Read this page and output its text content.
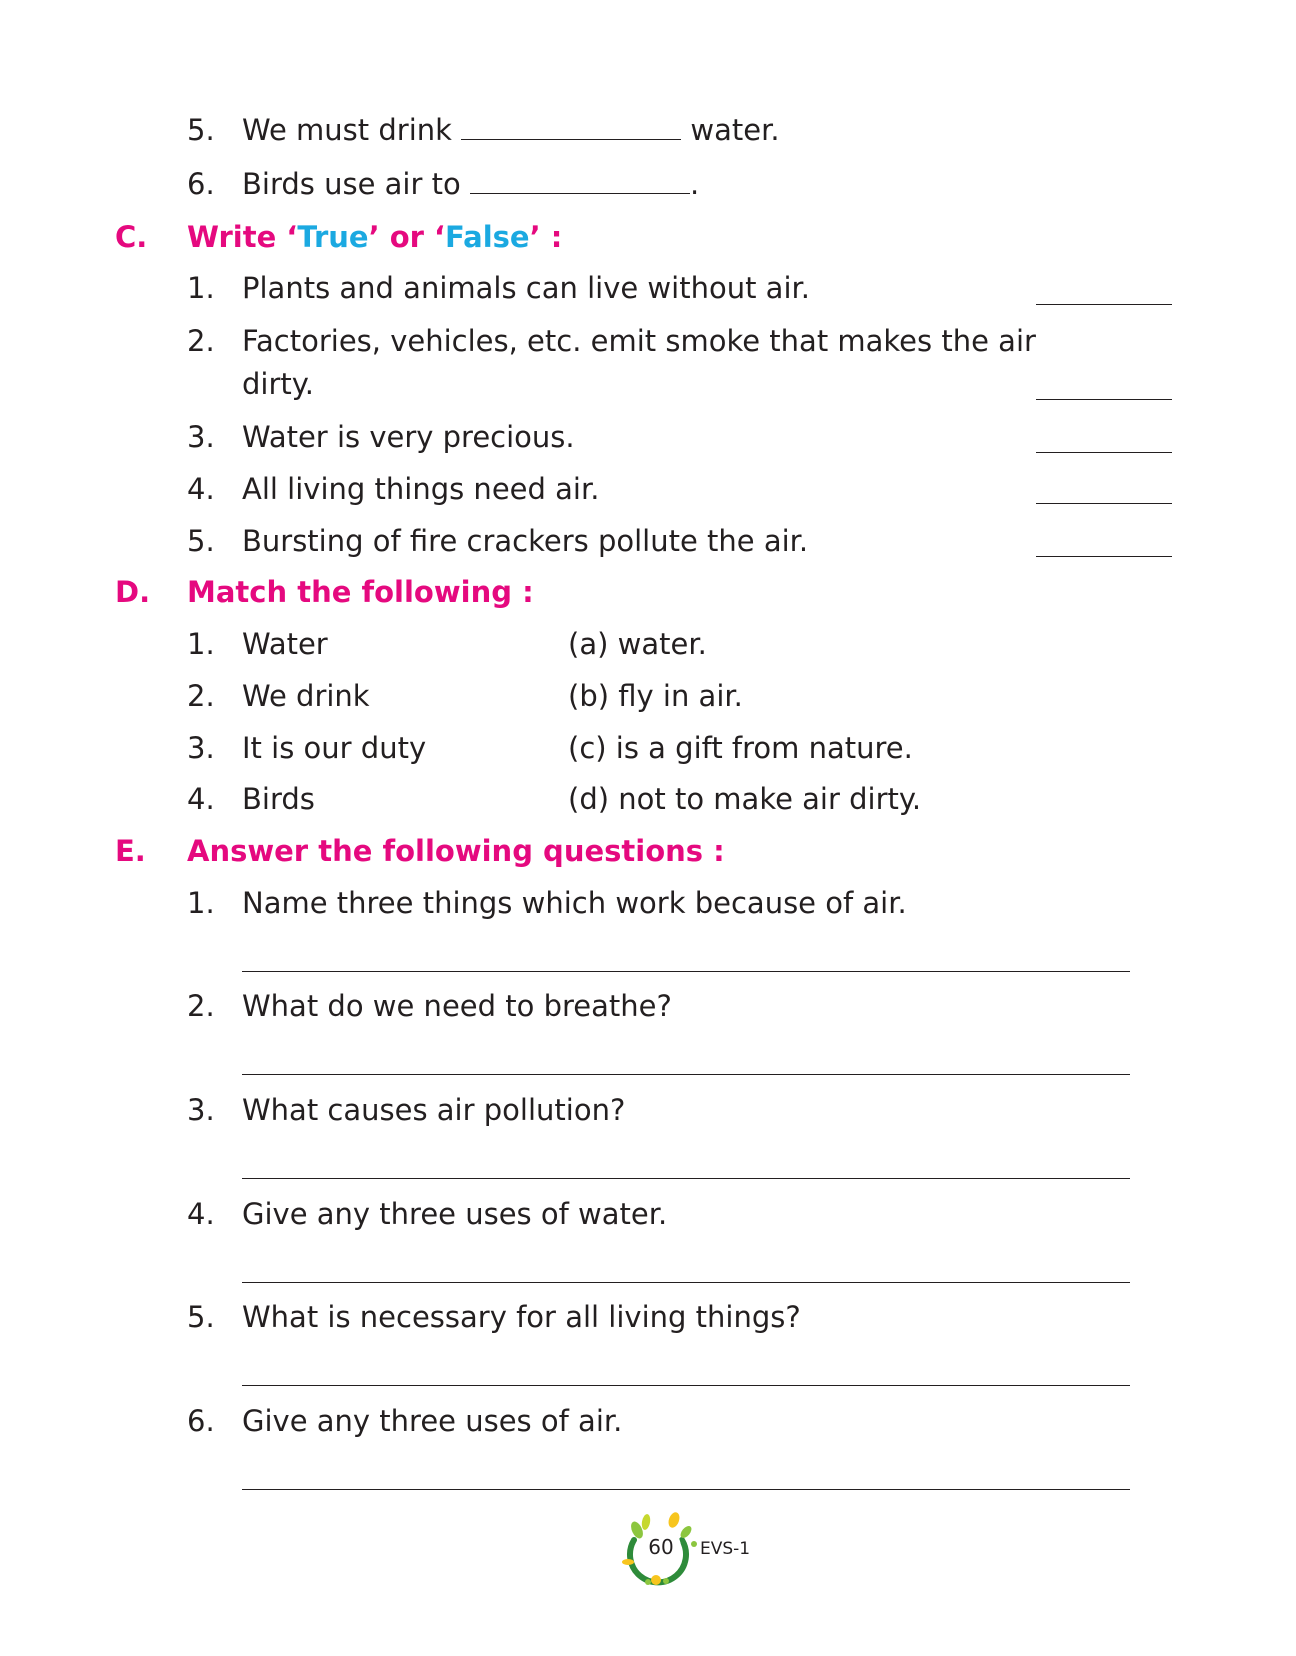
5. We must drink	water.
6. Birds use air to	.
C. Write ‘True’ or ‘False’ :
1. Plants and animals can live without air.
2. Factories, vehicles, etc. emit smoke that makes the air
dirty.
3. Water is very precious.
4. All living things need air.
5. Bursting of fire crackers pollute the air.
D. Match the following :
1. Water	(a) water.
2. We drink	(b) fly in air.
3. It is our duty	(c) is a gift from nature.
4. Birds	(d) not to make air dirty.
E. Answer the following questions :
1. Name three things which work because of air.
2. What do we need to breathe?
3. What causes air pollution?
4. Give any three uses of water.
5. What is necessary for all living things?
6. Give any three uses of air.
60	EVS-1
